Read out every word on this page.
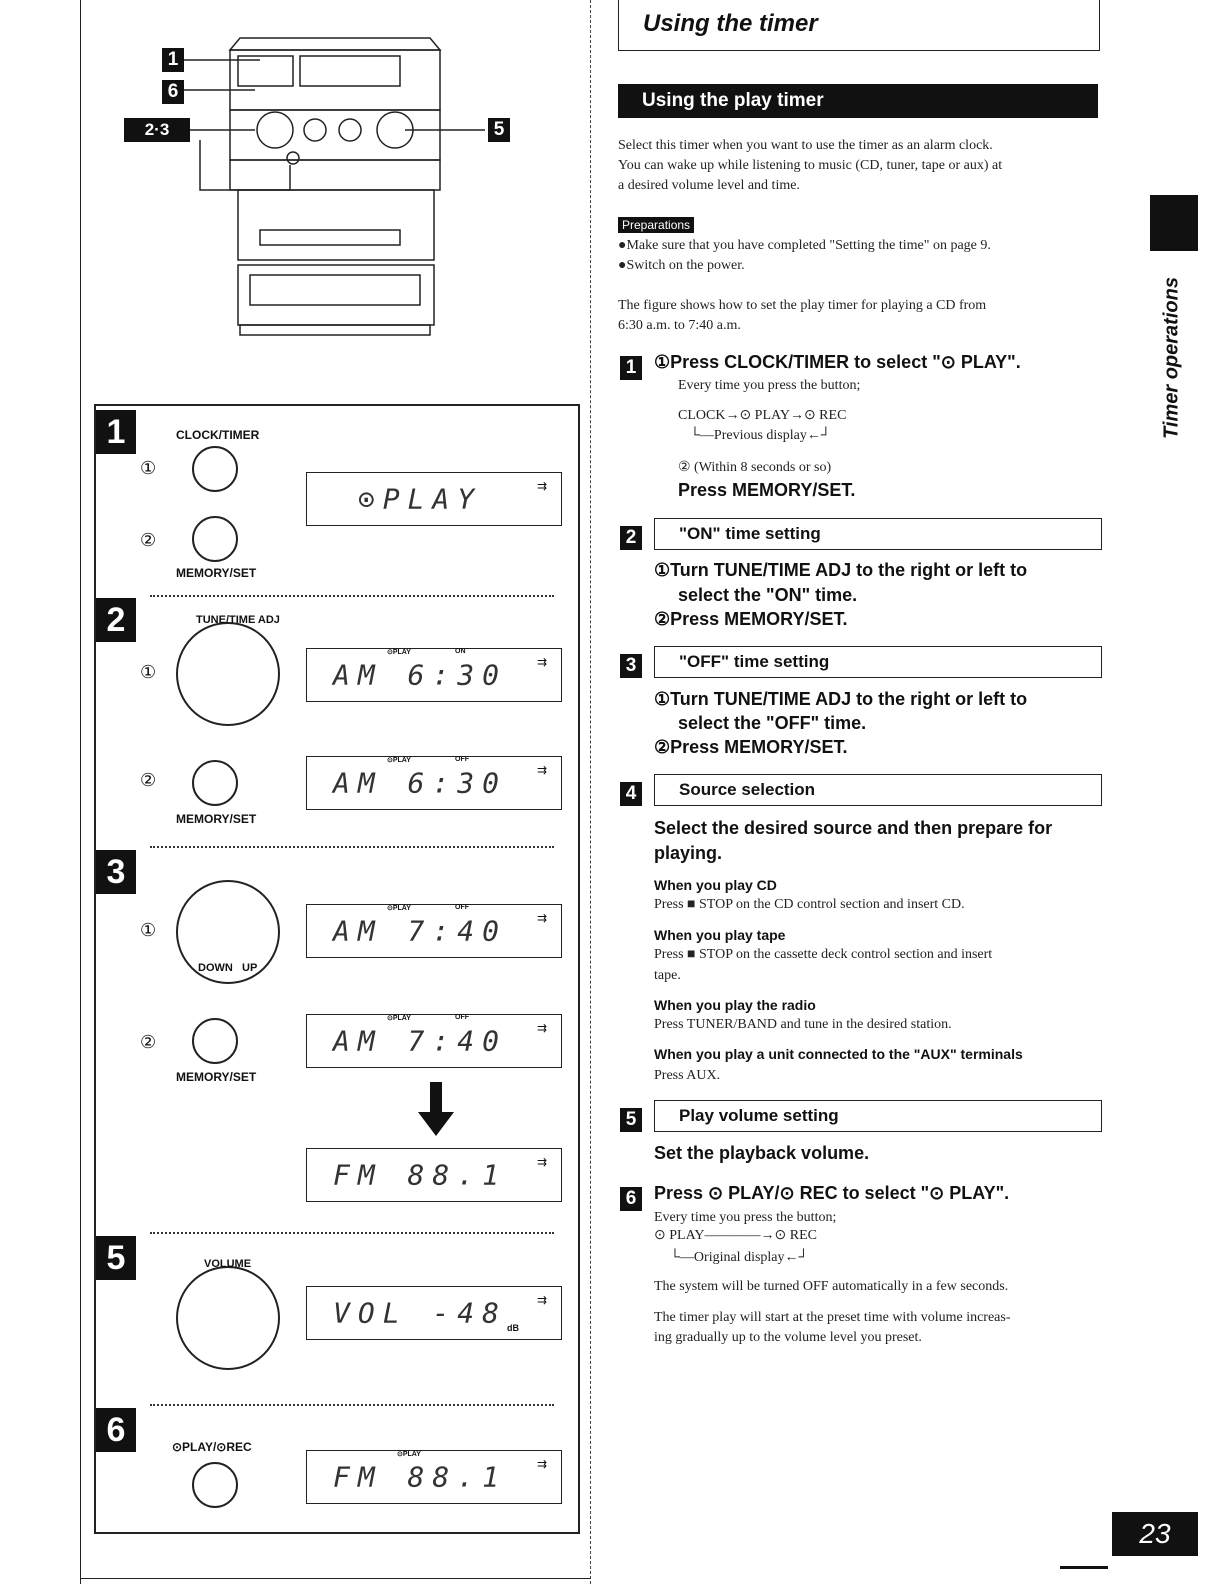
1
6
2·3	5
1	CLOCK/TIMER
①
②
MEMORY/SET
⊙PLAY	⇉
2
①
TUNE/TIME ADJ
⊙PLAY	ON
AM 6:30	⇉
②
MEMORY/SET
⊙PLAY	OFF
AM 6:30	⇉
3
①
DOWN UP
⊙PLAY	OFF
AM 7:40	⇉
②
MEMORY/SET
⊙PLAY	OFF
AM 7:40	⇉
FM 88.1	⇉
5	VOLUME
VOL -48 dB
⇉
6	⊙PLAY/⊙REC
⊙PLAY
FM 88.1	⇉
Using the timer
Using the play timer
Select this timer when you want to use the timer as an alarm clock.
You can wake up while listening to music (CD, tuner, tape or aux) at
a desired volume level and time.
Preparations
●Make sure that you have completed "Setting the time" on page 9.
●Switch on the power.
The figure shows how to set the play timer for playing a CD from
6:30 a.m. to 7:40 a.m.
1 ①Press CLOCK/TIMER to select "⊙ PLAY".
Every time you press the button;
CLOCK→⊙ PLAY→⊙ REC
└—Previous display←┘
② (Within 8 seconds or so)
Press MEMORY/SET.
2	"ON" time setting
①Turn TUNE/TIME ADJ to the right or left to
select the "ON" time.
②Press MEMORY/SET.
3	"OFF" time setting
①Turn TUNE/TIME ADJ to the right or left to
select the "OFF" time.
②Press MEMORY/SET.
4	Source selection
Select the desired source and then prepare for
playing.
When you play CD
Press ■ STOP on the CD control section and insert CD.
When you play tape
Press ■ STOP on the cassette deck control section and insert
tape.
When you play the radio
Press TUNER/BAND and tune in the desired station.
When you play a unit connected to the "AUX" terminals
Press AUX.
5	Play volume setting
Set the playback volume.
6 Press ⊙ PLAY/⊙ REC to select "⊙ PLAY".
Every time you press the button;
⊙ PLAY————→⊙ REC
└—Original display←┘
The system will be turned OFF automatically in a few seconds.
The timer play will start at the preset time with volume increas-
ing gradually up to the volume level you preset.
Timer operations
23
